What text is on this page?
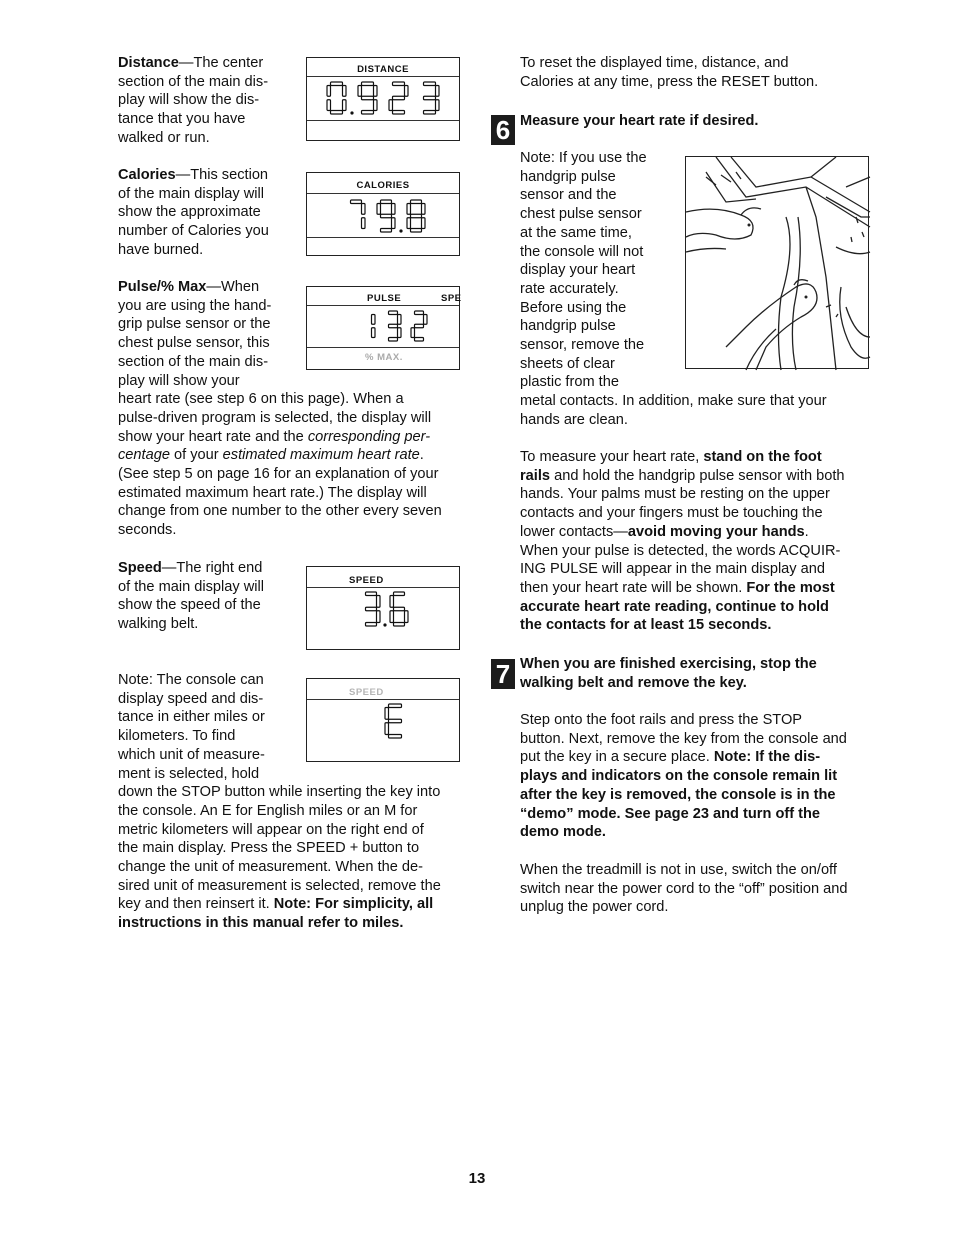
Distance—The center
section of the main dis-
play will show the dis-
tance that you have
walked or run.
Calories—This section
of the main display will
show the approximate
number of Calories you
have burned.
Pulse/% Max—When
you are using the hand-
grip pulse sensor or the
chest pulse sensor, this
section of the main dis-
play will show your
heart rate (see step 6 on this page). When a
pulse-driven program is selected, the display will
show your heart rate and the corresponding per-
centage of your estimated maximum heart rate.
(See step 5 on page 16 for an explanation of your
estimated maximum heart rate.) The display will
change from one number to the other every seven
seconds.
Speed—The right end
of the main display will
show the speed of the
walking belt.
Note: The console can
display speed and dis-
tance in either miles or
kilometers. To find
which unit of measure-
ment is selected, hold
down the STOP button while inserting the key into
the console. An E for English miles or an M for
metric kilometers will appear on the right end of
the main display. Press the SPEED + button to
change the unit of measurement. When the de-
sired unit of measurement is selected, remove the
key and then reinsert it. Note: For simplicity, all
instructions in this manual refer to miles.
DISTANCE
CALORIES
PULSE	SPE
% MAX.
SPEED
SPEED
To reset the displayed time, distance, and
Calories at any time, press the RESET button.
6 Measure your heart rate if desired.
Note: If you use the
handgrip pulse
sensor and the
chest pulse sensor
at the same time,
the console will not
display your heart
rate accurately.
Before using the
handgrip pulse
sensor, remove the
sheets of clear
plastic from the
metal contacts. In addition, make sure that your
hands are clean.
To measure your heart rate, stand on the foot
rails and hold the handgrip pulse sensor with both
hands. Your palms must be resting on the upper
contacts and your fingers must be touching the
lower contacts—avoid moving your hands.
When your pulse is detected, the words ACQUIR-
ING PULSE will appear in the main display and
then your heart rate will be shown. For the most
accurate heart rate reading, continue to hold
the contacts for at least 15 seconds.
7 When you are finished exercising, stop the
walking belt and remove the key.
Step onto the foot rails and press the STOP
button. Next, remove the key from the console and
put the key in a secure place. Note: If the dis-
plays and indicators on the console remain lit
after the key is removed, the console is in the
“demo” mode. See page 23 and turn off the
demo mode.
When the treadmill is not in use, switch the on/off
switch near the power cord to the “off” position and
unplug the power cord.
13
